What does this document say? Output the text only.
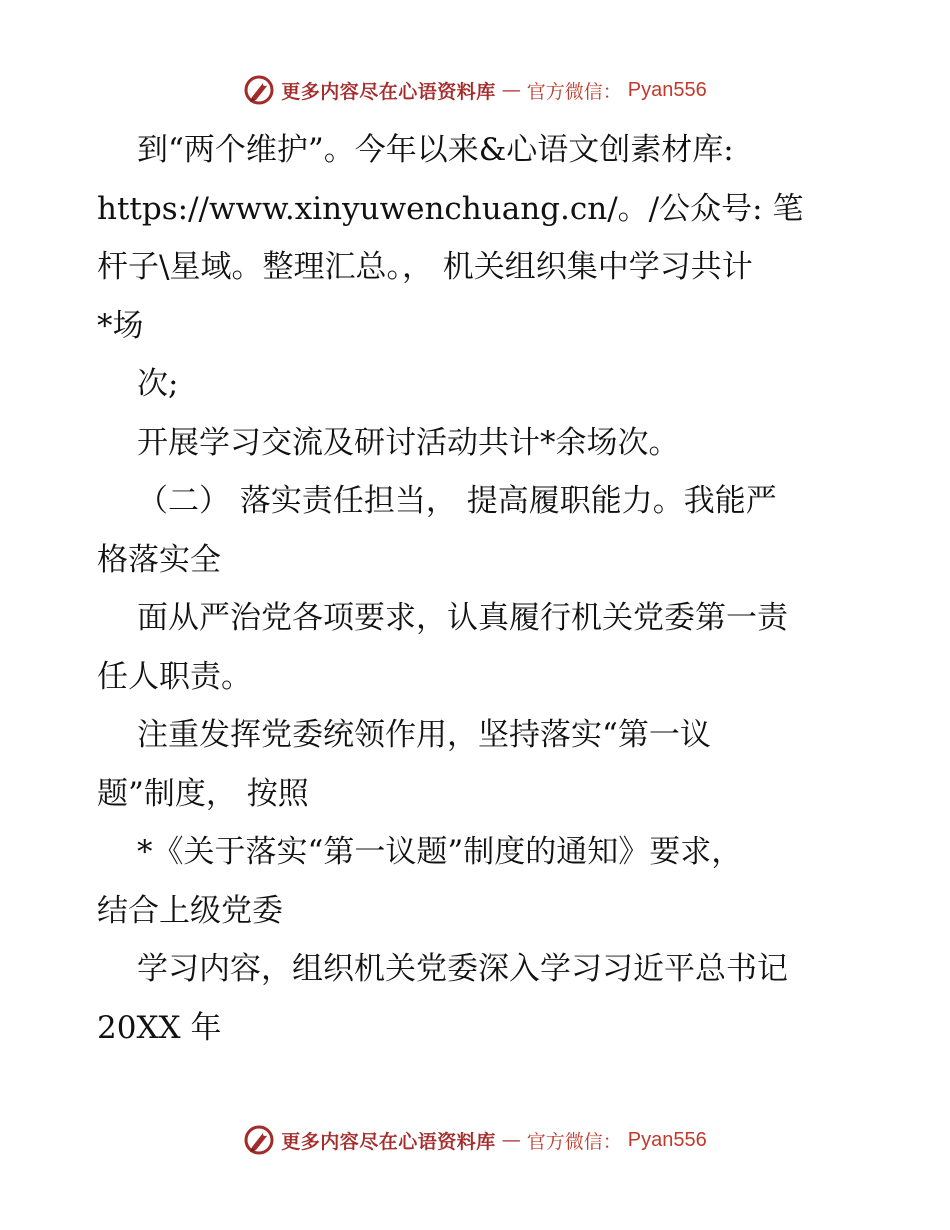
更多内容尽在心语资料库 — 官方微信： Pyan556
到“两个维护”。今年以来&心语文创素材库:
https://www.xinyuwenchuang.cn/。/公众号: 笔
杆子\星域。整理汇总。， 机关组织集中学习共计
*场
次;
开展学习交流及研讨活动共计*余场次。
（二） 落实责任担当， 提高履职能力。我能严
格落实全
面从严治党各项要求，认真履行机关党委第一责
任人职责。
注重发挥党委统领作用，坚持落实“第一议
题”制度， 按照
*《关于落实“第一议题”制度的通知》要求，
结合上级党委
学习内容，组织机关党委深入学习习近平总书记
20XX 年
更多内容尽在心语资料库 — 官方微信： Pyan556
